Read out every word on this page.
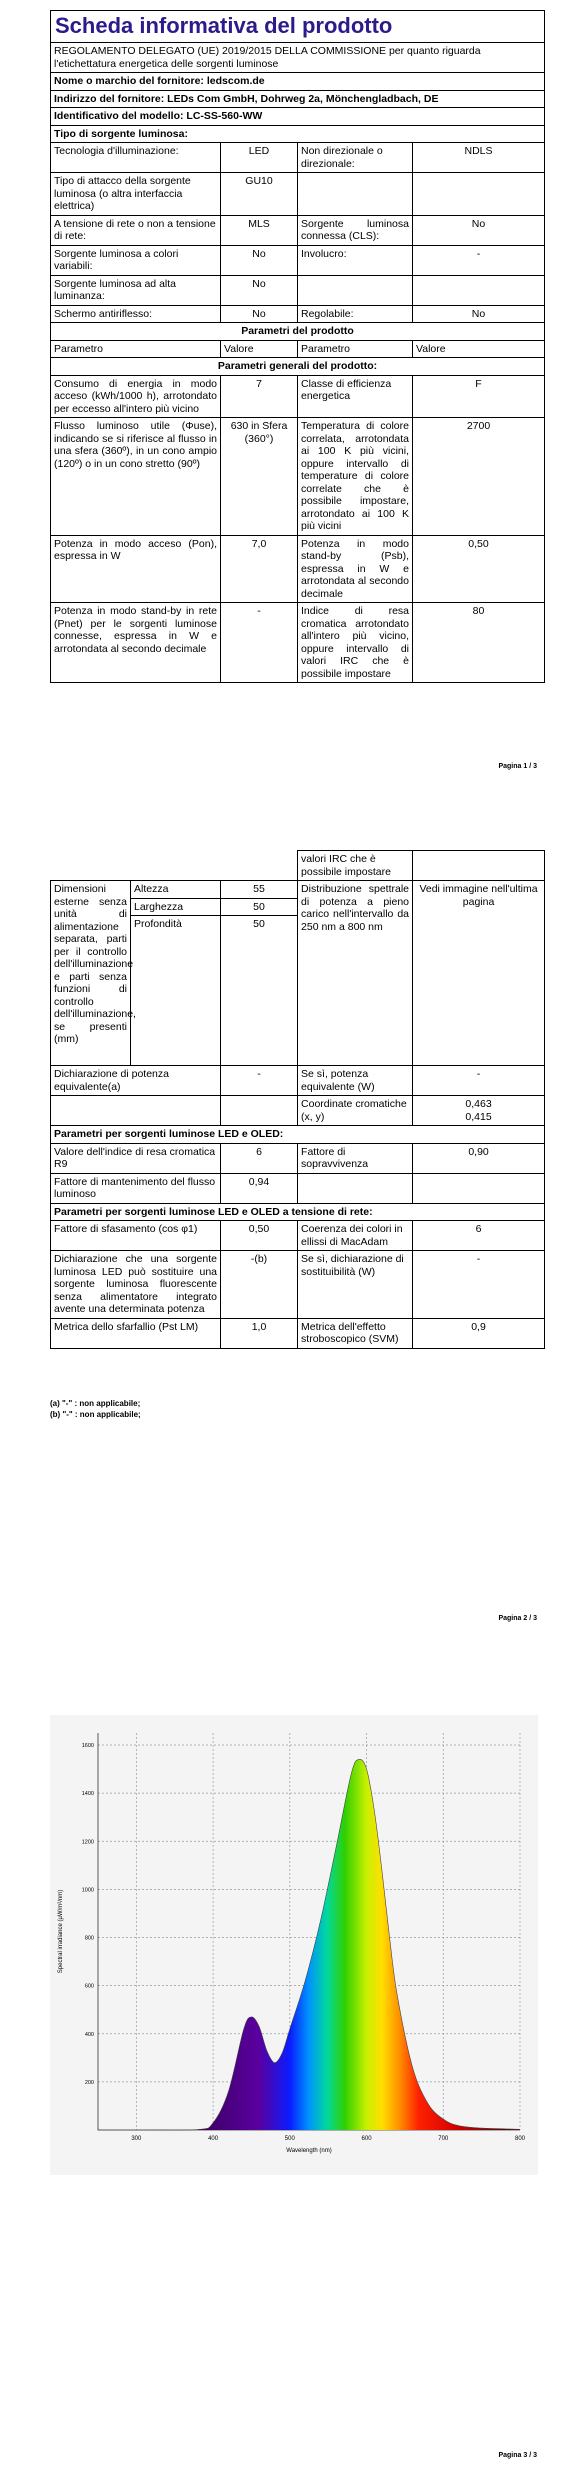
Scheda informativa del prodotto			
REGOLAMENTO DELEGATO (UE) 2019/2015 DELLA COMMISSIONE per quanto riguarda l'etichettatura energetica delle sorgenti luminose			
Nome o marchio del fornitore: ledscom.de			
Indirizzo del fornitore: LEDs Com GmbH, Dohrweg 2a, Mönchengladbach, DE			
Identificativo del modello: LC-SS-560-WW			
Tipo di sorgente luminosa:			
Tecnologia d'illuminazione:	LED	Non direzionale o direzionale:	NDLS
Tipo di attacco della sorgente luminosa (o altra interfaccia elettrica)	GU10		
A tensione di rete o non a tensione di rete:	MLS	Sorgente luminosa connessa (CLS):	No
Sorgente luminosa a colori variabili:	No	Involucro:	-
Sorgente luminosa ad alta luminanza:	No		
Schermo antiriflesso:	No	Regolabile:	No
Parametri del prodotto			
Parametro	Valore	Parametro	Valore
Parametri generali del prodotto:			
Consumo di energia in modo acceso (kWh/1000 h), arrotondato per eccesso all'intero più vicino	7	Classe di efficienza energetica	F
Flusso luminoso utile (Φuse), indicando se si riferisce al flusso in una sfera (360º), in un cono ampio (120º) o in un cono stretto (90º)	630 in Sfera (360°)	Temperatura di colore correlata, arrotondata ai 100 K più vicini, oppure intervallo di temperature di colore correlate che è possibile impostare, arrotondato ai 100 K più vicini	2700
Potenza in modo acceso (Pon), espressa in W	7,0	Potenza in modo stand-by (Psb), espressa in W e arrotondata al secondo decimale	0,50
Potenza in modo stand-by in rete (Pnet) per le sorgenti luminose connesse, espressa in W e arrotondata al secondo decimale	-	Indice di resa cromatica arrotondato all'intero più vicino, oppure intervallo di valori IRC che è possibile impostare	80
Pagina 1 / 3
			valori IRC che è possibile impostare	
Dimensioni esterne senza unità di alimentazione separata, parti per il controllo dell'illuminazione e parti senza funzioni di controllo dell'illuminazione, se presenti (mm)	Altezza	55	Distribuzione spettrale di potenza a pieno carico nell'intervallo da 250 nm a 800 nm	Vedi immagine nell'ultima pagina
	Larghezza	50		
	Profondità	50		
Dichiarazione di potenza equivalente(a)		-	Se sì, potenza equivalente (W)	-
			Coordinate cromatiche (x, y)	0,463
0,415
Parametri per sorgenti luminose LED e OLED:				
Valore dell'indice di resa cromatica R9		6	Fattore di sopravvivenza	0,90
Fattore di mantenimento del flusso luminoso		0,94		
Parametri per sorgenti luminose LED e OLED a tensione di rete:				
Fattore di sfasamento (cos φ1)		0,50	Coerenza dei colori in ellissi di MacAdam	6
Dichiarazione che una sorgente luminosa LED può sostituire una sorgente luminosa fluorescente senza alimentatore integrato avente una determinata potenza		-(b)	Se sì, dichiarazione di sostituibilità (W)	-
Metrica dello sfarfallio (Pst LM)		1,0	Metrica dell'effetto stroboscopico (SVM)	0,9
(a) "-" : non applicabile;
(b) "-" : non applicabile;
Pagina 2 / 3
300	400	500	600	700	800
200
400
600
800
1000
1200
1400
1600
Wavelength (nm)
Spectral irradiance (µW/m²/nm)
Pagina 3 / 3
